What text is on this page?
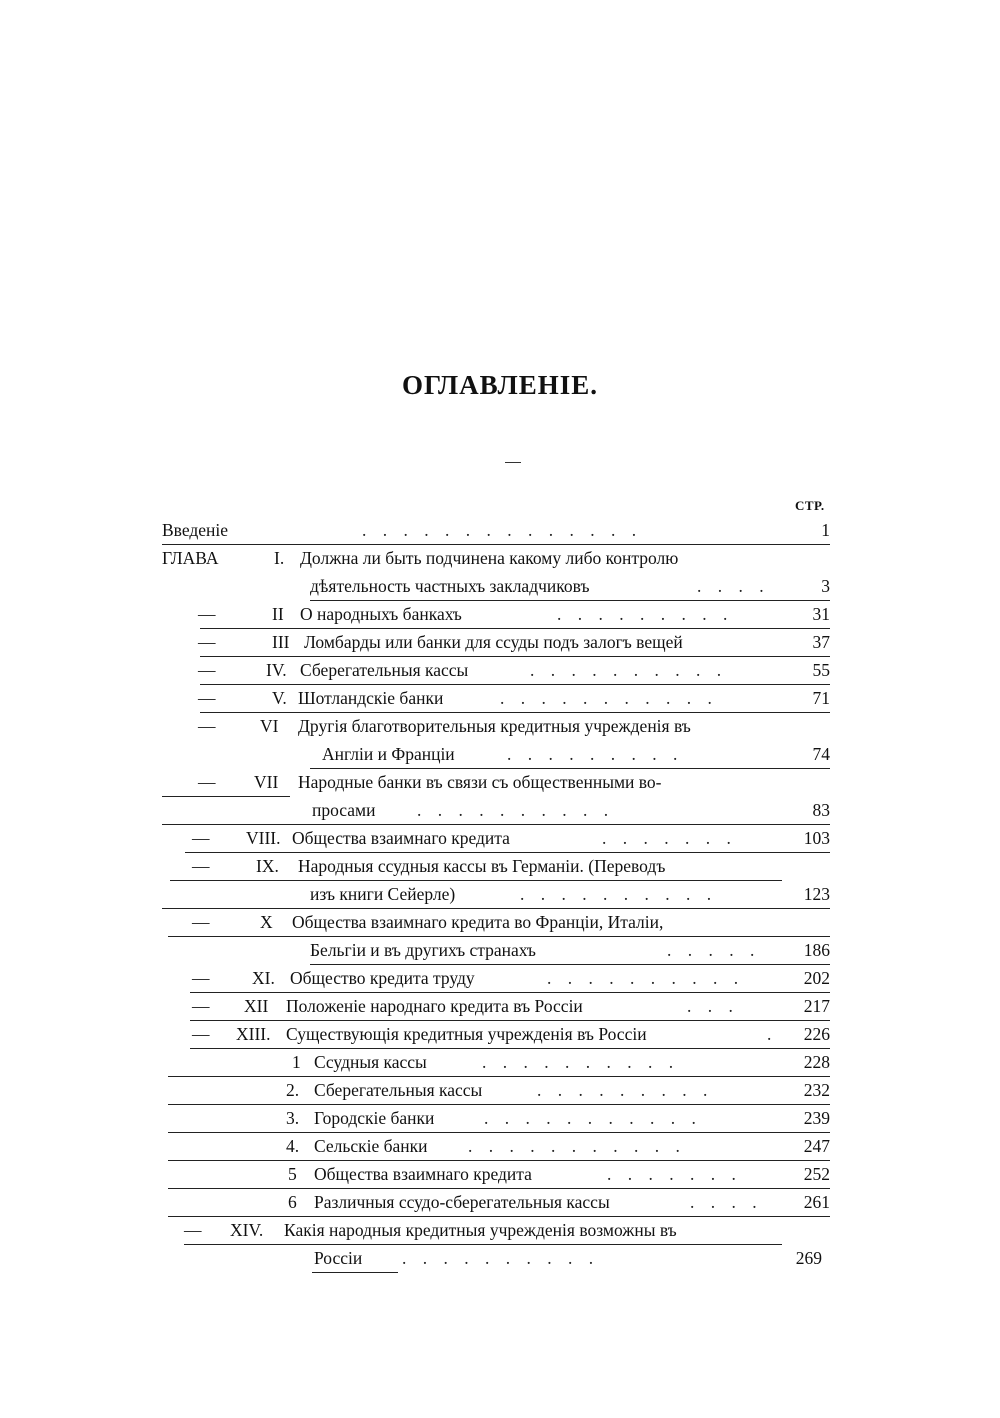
ОГЛАВЛЕНІЕ.
СТР.
Введеніе	. . . . . . . . . . . . . .	1
ГЛАВА	I. Должна ли быть подчинена какому либо контролю
дѣятельность частныхъ закладчиковъ	. . . .	3
—	II О народныхъ банкахъ	. . . . . . . . .	31
—	III Ломбарды или банки для ссуды подъ залогъ вещей	37
—	IV. Сберегательныя кассы	. . . . . . . . . .	55
—	V. Шотландскіе банки	. . . . . . . . . . .	71
—	VI Другія благотворительныя кредитныя учрежденія въ
Англіи и Франціи	. . . . . . . . .	74
— VII Народные банки въ связи съ общественными во-
просами . . . . . . . . . .	83
— VIII. Общества взаимнаго кредита	. . . . . . .	103
—	IX. Народныя ссудныя кассы въ Германіи. (Переводъ
изъ книги Сейерле)	. . . . . . . . . .	123
—	X Общества взаимнаго кредита во Франціи, Италіи,
Бельгіи и въ другихъ странахъ	. . . . .	186
— XI. Общество кредита труду	. . . . . . . . . .	202
— XII Положеніе народнаго кредита въ Россіи	. . .	217
— XIII. Существующія кредитныя учрежденія въ Россіи	.	226
1 Ссудныя кассы	. . . . . . . . . .	228
2. Сберегательныя кассы	. . . . . . . . .	232
3. Городскіе банки	. . . . . . . . . . .	239
4. Сельскіе банки . . . . . . . . . . .	247
5 Общества взаимнаго кредита	. . . . . . .	252
6 Различныя ссудо-сберегательныя кассы	. . . .	261
— XIV. Какія народныя кредитныя учрежденія возможны въ
Россіи . . . . . . . . . .	269
